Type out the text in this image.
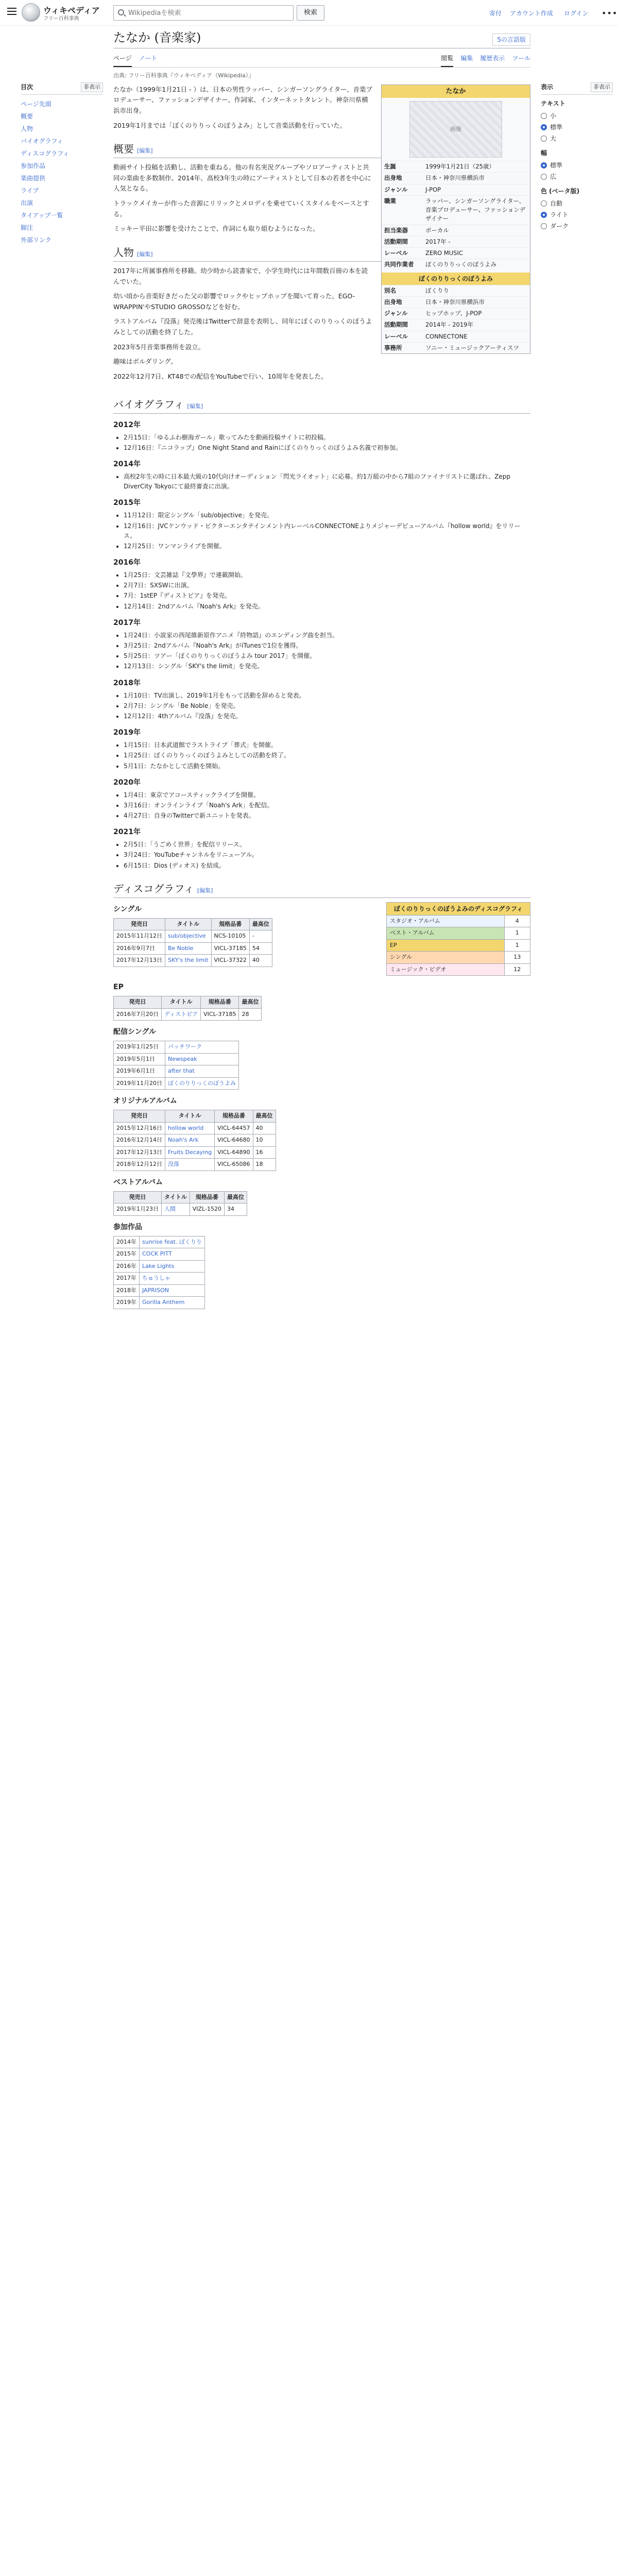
ウィキペディア
フリー百科事典
Wikipediaを検索
検索	寄付 アカウント作成 ログイン •••
目次	非表示
ページ先頭
概要
人物
バイオグラフィ
ディスコグラフィ
参加作品
楽曲提供
ライブ
出演
タイアップ一覧
脚注
外部リンク
表示	非表示
テキスト
小
標準
大
幅
標準
広
色 (ベータ版)
自動
ライト
ダーク
たなか (音楽家)	5の言語版
ページ ノート	閲覧 編集 履歴表示 ツール
出典: フリー百科事典『ウィキペディア（Wikipedia）』
たなか
画像
生誕	1999年1月21日（25歳）
出身地	日本・神奈川県横浜市
ジャンル	J-POP
職業	ラッパー、シンガーソングライター、音楽プロデューサー、ファッションデザイナー
担当楽器	ボーカル
活動期間	2017年 -
レーベル	ZERO MUSIC
共同作業者	ぼくのりりっくのぼうよみ
ぼくのりりっくのぼうよみ
別名	ぼくりり
出身地	日本・神奈川県横浜市
ジャンル	ヒップホップ、J-POP
活動期間	2014年 - 2019年
レーベル	CONNECTONE
事務所	ソニー・ミュージックアーティスツ

たなか（1999年1月21日 - ）は、日本の男性ラッパー、シンガーソングライター、音楽プロデューサー、ファッションデザイナー、作詞家、インターネットタレント。神奈川県横浜市出身。

2019年1月までは「ぼくのりりっくのぼうよみ」として音楽活動を行っていた。

概要 [編集]

動画サイト投稿を活動し、活動を重ねる。他の有名実況グループやソロアーティストと共同の楽曲を多数制作。2014年、高校3年生の時にアーティストとして日本の若者を中心に人気となる。

トラックメイカーが作った音源にリリックとメロディを乗せていくスタイルをベースとする。

ミッキー平田に影響を受けたことで、作詞にも取り組むようになった。

人物 [編集]

2017年に所属事務所を移籍。幼少時から読書家で、小学生時代には年間数百冊の本を読んでいた。

幼い頃から音楽好きだった父の影響でロックやヒップホップを聞いて育った。EGO-WRAPPIN'やSTUDIO GROSSOなどを好む。

ラストアルバム『没落』発売後はTwitterで辞意を表明し、同年にぼくのりりっくのぼうよみとしての活動を終了した。

2023年5月音楽事務所を設立。

趣味はボルダリング。

2022年12月7日、KT48での配信をYouTubeで行い、10周年を発表した。

バイオグラフィ [編集]
2012年
• 2月15日：「ゆるふわ樹海ガール」歌ってみたを動画投稿サイトに初投稿。
• 12月16日：『ニコラップ』One Night Stand and Rainにぼくのりりっくのぼうよみ名義で初参加。
2014年
• 高校2年生の時に日本最大級の10代向けオーディション「閃光ライオット」に応募。約1万組の中から7組のファイナリストに選ばれ、Zepp DiverCity Tokyoにて最終審査に出演。
2015年
• 11月12日：限定シングル「sub/objective」を発売。
• 12月16日：JVCケンウッド・ビクターエンタテインメント内レーベルCONNECTONEよりメジャーデビューアルバム『hollow world』をリリース。
• 12月25日：ワンマンライブを開催。
2016年
• 1月25日：文芸雑誌『文學界』で連載開始。
• 2月7日：SXSWに出演。
• 7月：1stEP『ディストピア』を発売。
• 12月14日：2ndアルバム『Noah's Ark』を発売。
2017年
• 1月24日：小説家の西尾維新原作アニメ『終物語』のエンディング曲を担当。
• 3月25日：2ndアルバム『Noah's Ark』がiTunesで1位を獲得。
• 5月25日：ツアー「ぼくのりりっくのぼうよみ tour 2017」を開催。
• 12月13日：シングル「SKY's the limit」を発売。
2018年
• 1月10日：TV出演し、2019年1月をもって活動を辞めると発表。
• 2月7日：シングル「Be Noble」を発売。
• 12月12日：4thアルバム『没落』を発売。
2019年
• 1月15日：日本武道館でラストライブ「葬式」を開催。
• 1月25日：ぼくのりりっくのぼうよみとしての活動を終了。
• 5月1日：たなかとして活動を開始。
2020年
• 1月4日：東京でアコースティックライブを開催。
• 3月16日：オンラインライブ「Noah's Ark」を配信。
• 4月27日：自身のTwitterで新ユニットを発表。
2021年
• 2月5日：「うごめく世界」を配信リリース。
• 3月24日：YouTubeチャンネルをリニューアル。
• 6月15日：Dios (ディオス) を結成。
ディスコグラフィ [編集]
ぼくのりりっくのぼうよみのディスコグラフィ	
スタジオ・アルバム	4
ベスト・アルバム	1
EP	1
シングル	13
ミュージック・ビデオ	12
シングル
発売日	タイトル	規格品番	最高位
2015年11月12日	sub/objective	NCS-10105	-
2016年9月7日	Be Noble	VICL-37185	54
2017年12月13日	SKY's the limit	VICL-37322	40
EP
発売日	タイトル	規格品番	最高位
2016年7月20日	ディストピア	VICL-37185	28
配信シングル
2019年1月25日	パッチワーク
2019年5月1日	Newspeak
2019年6月1日	after that
2019年11月20日	ぼくのりりっくのぼうよみ
オリジナルアルバム
発売日	タイトル	規格品番	最高位
2015年12月16日	hollow world	VICL-64457	40
2016年12月14日	Noah's Ark	VICL-64680	10
2017年12月13日	Fruits Decaying	VICL-64890	16
2018年12月12日	没落	VICL-65086	18
ベストアルバム
発売日	タイトル	規格品番	最高位
2019年1月23日	人間	VIZL-1520	34
参加作品
2014年	sunrise feat. ぼくりり
2015年	COCK PITT
2016年	Lake Lights
2017年	ちゅうしゃ
2018年	JAPRISON
2019年	Gorilla Anthem
